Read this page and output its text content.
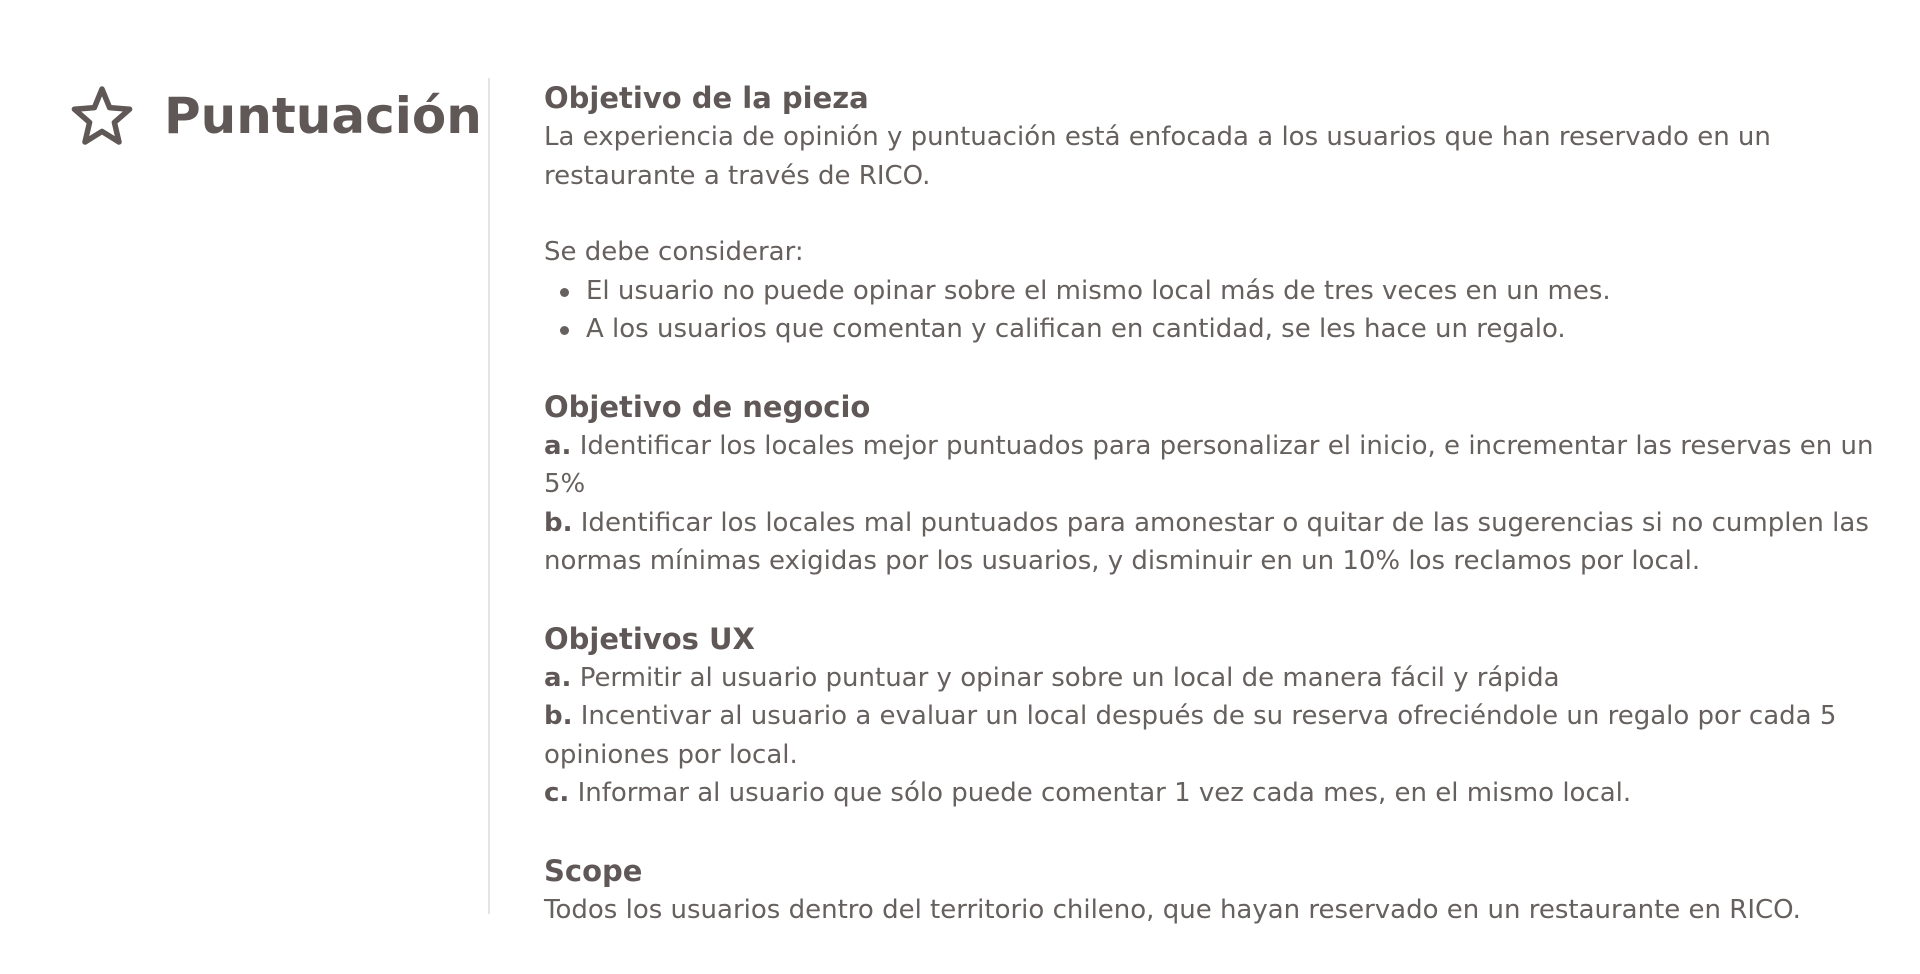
Puntuación Objetivo de la pieza

La experiencia de opinión y puntuación está enfocada a los usuarios que han reservado en un restaurante a través de RICO.

Se debe considerar:

El usuario no puede opinar sobre el mismo local más de tres veces en un mes.
A los usuarios que comentan y califican en cantidad, se les hace un regalo.
Objetivo de negocio

a. Identificar los locales mejor puntuados para personalizar el inicio, e incrementar las reservas en un 5%

b. Identificar los locales mal puntuados para amonestar o quitar de las sugerencias si no cumplen las normas mínimas exigidas por los usuarios, y disminuir en un 10% los reclamos por local.

Objetivos UX

a. Permitir al usuario puntuar y opinar sobre un local de manera fácil y rápida

b. Incentivar al usuario a evaluar un local después de su reserva ofreciéndole un regalo por cada 5 opiniones por local.

c. Informar al usuario que sólo puede comentar 1 vez cada mes, en el mismo local.

Scope

Todos los usuarios dentro del territorio chileno, que hayan reservado en un restaurante en RICO.
